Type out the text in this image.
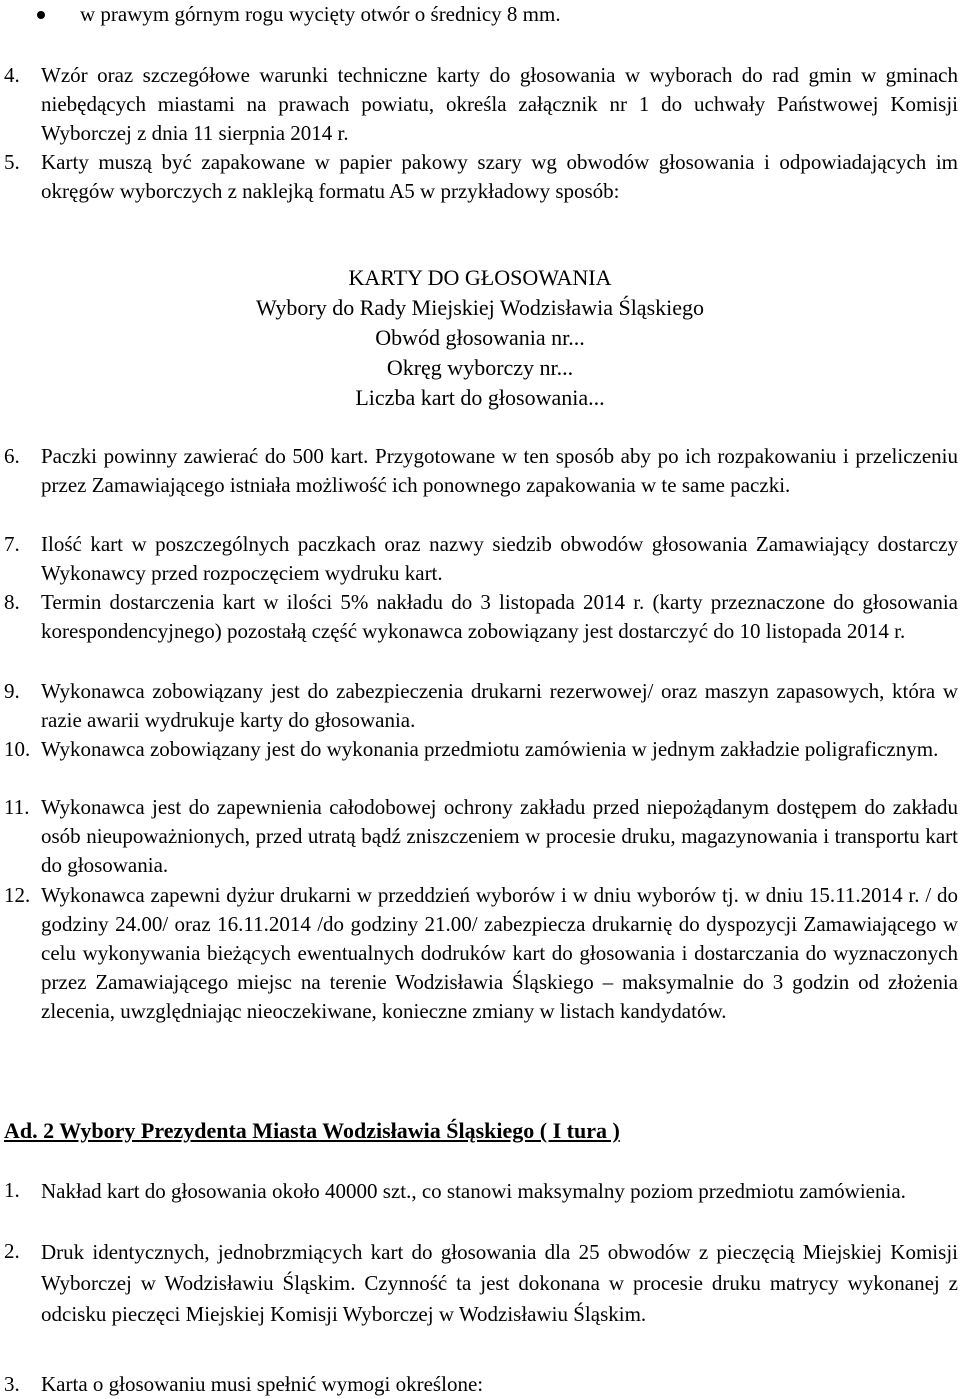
w prawym górnym rogu wycięty otwór o średnicy 8 mm.
4. Wzór oraz szczegółowe warunki techniczne karty do głosowania w wyborach do rad gmin w gminach niebędących miastami na prawach powiatu, określa załącznik nr 1 do uchwały Państwowej Komisji Wyborczej z dnia 11 sierpnia 2014 r.
5. Karty muszą być zapakowane w papier pakowy szary wg obwodów głosowania i odpowiadających im okręgów wyborczych z naklejką formatu A5 w przykładowy sposób:
KARTY DO GŁOSOWANIA
Wybory do Rady Miejskiej Wodzisławia Śląskiego
Obwód głosowania nr...
Okręg wyborczy nr...
Liczba kart do głosowania...
6. Paczki powinny zawierać do 500 kart. Przygotowane w ten sposób aby po ich rozpakowaniu i przeliczeniu przez Zamawiającego istniała możliwość ich ponownego zapakowania w te same paczki.
7. Ilość kart w poszczególnych paczkach oraz nazwy siedzib obwodów głosowania Zamawiający dostarczy Wykonawcy przed rozpoczęciem wydruku kart.
8. Termin dostarczenia kart w ilości 5% nakładu do 3 listopada 2014 r. (karty przeznaczone do głosowania korespondencyjnego) pozostałą część wykonawca zobowiązany jest dostarczyć do 10 listopada 2014 r.
9. Wykonawca zobowiązany jest do zabezpieczenia drukarni rezerwowej/ oraz maszyn zapasowych, która w razie awarii wydrukuje karty do głosowania.
10. Wykonawca zobowiązany jest do wykonania przedmiotu zamówienia w jednym zakładzie poligraficznym.
11. Wykonawca jest do zapewnienia całodobowej ochrony zakładu przed niepożądanym dostępem do zakładu osób nieupoważnionych, przed utratą bądź zniszczeniem w procesie druku, magazynowania i transportu kart do głosowania.
12. Wykonawca zapewni dyżur drukarni w przeddzień wyborów i w dniu wyborów tj. w dniu 15.11.2014 r. / do godziny 24.00/ oraz 16.11.2014 /do godziny 21.00/ zabezpiecza drukarnię do dyspozycji Zamawiającego w celu wykonywania bieżących ewentualnych dodruków kart do głosowania i dostarczania do wyznaczonych przez Zamawiającego miejsc na terenie Wodzisławia Śląskiego – maksymalnie do 3 godzin od złożenia zlecenia, uwzględniając nieoczekiwane, konieczne zmiany w listach kandydatów.
Ad. 2 Wybory Prezydenta Miasta Wodzisławia Śląskiego ( I tura )
1. Nakład kart do głosowania około 40000 szt., co stanowi maksymalny poziom przedmiotu zamówienia.
2. Druk identycznych, jednobrzmiących kart do głosowania dla 25 obwodów z pieczęcią Miejskiej Komisji Wyborczej w Wodzisławiu Śląskim. Czynność ta jest dokonana w procesie druku matrycy wykonanej z odcisku pieczęci Miejskiej Komisji Wyborczej w Wodzisławiu Śląskim.
3. Karta o głosowaniu musi spełnić wymogi określone:
